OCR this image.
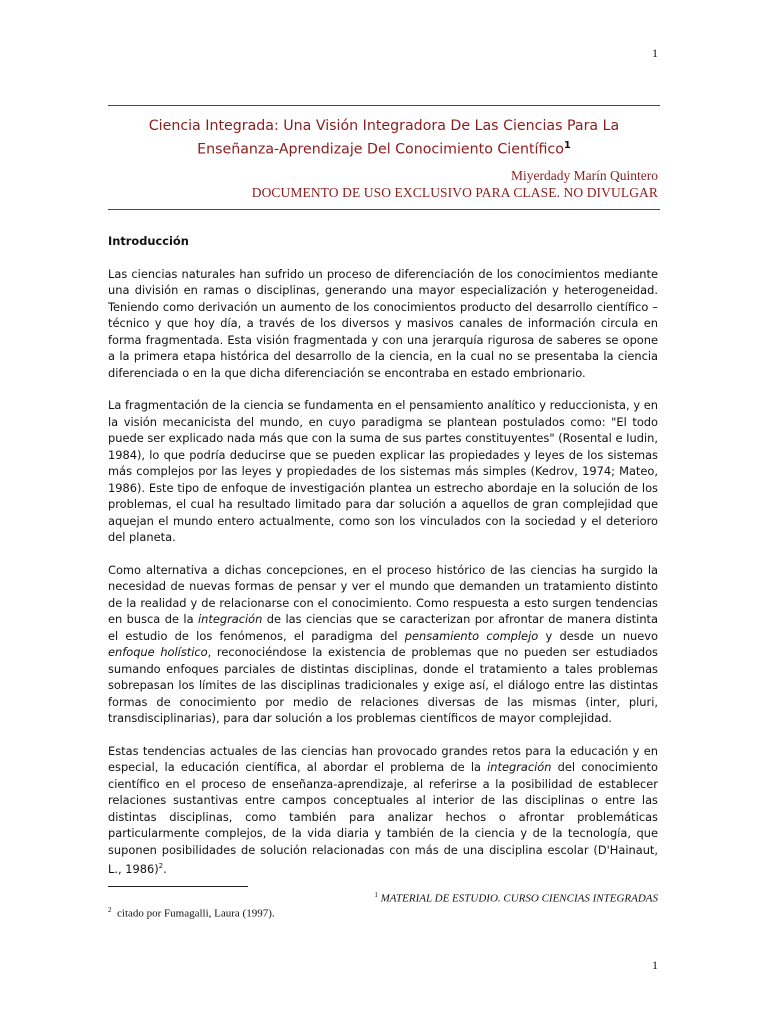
1
Ciencia Integrada: Una Visión Integradora De Las Ciencias Para La Enseñanza-Aprendizaje Del Conocimiento Científico$^1$
Miyerdady Marín Quintero
DOCUMENTO DE USO EXCLUSIVO PARA CLASE. NO DIVULGAR
Introducción

Las ciencias naturales han sufrido un proceso de diferenciación de los conocimientos mediante una división en ramas o disciplinas, generando una mayor especialización y heterogeneidad. Teniendo como derivación un aumento de los conocimientos producto del desarrollo científico – técnico y que hoy día, a través de los diversos y masivos canales de información circula en forma fragmentada. Esta visión fragmentada y con una jerarquía rigurosa de saberes se opone a la primera etapa histórica del desarrollo de la ciencia, en la cual no se presentaba la ciencia diferenciada o en la que dicha diferenciación se encontraba en estado embrionario.

La fragmentación de la ciencia se fundamenta en el pensamiento analítico y reduccionista, y en la visión mecanicista del mundo, en cuyo paradigma se plantean postulados como: "El todo puede ser explicado nada más que con la suma de sus partes constituyentes" (Rosental e Iudin, 1984), lo que podría deducirse que se pueden explicar las propiedades y leyes de los sistemas más complejos por las leyes y propiedades de los sistemas más simples (Kedrov, 1974; Mateo, 1986). Este tipo de enfoque de investigación plantea un estrecho abordaje en la solución de los problemas, el cual ha resultado limitado para dar solución a aquellos de gran complejidad que aquejan el mundo entero actualmente, como son los vinculados con la sociedad y el deterioro del planeta.

Como alternativa a dichas concepciones, en el proceso histórico de las ciencias ha surgido la necesidad de nuevas formas de pensar y ver el mundo que demanden un tratamiento distinto de la realidad y de relacionarse con el conocimiento. Como respuesta a esto surgen tendencias en busca de la integración de las ciencias que se caracterizan por afrontar de manera distinta el estudio de los fenómenos, el paradigma del pensamiento complejo y desde un nuevo enfoque holístico, reconociéndose la existencia de problemas que no pueden ser estudiados sumando enfoques parciales de distintas disciplinas, donde el tratamiento a tales problemas sobrepasan los límites de las disciplinas tradicionales y exige así, el diálogo entre las distintas formas de conocimiento por medio de relaciones diversas de las mismas (inter, pluri, transdisciplinarias), para dar solución a los problemas científicos de mayor complejidad.

Estas tendencias actuales de las ciencias han provocado grandes retos para la educación y en especial, la educación científica, al abordar el problema de la integración del conocimiento científico en el proceso de enseñanza-aprendizaje, al referirse a la posibilidad de establecer relaciones sustantivas entre campos conceptuales al interior de las disciplinas o entre las distintas disciplinas, como también para analizar hechos o afrontar problemáticas particularmente complejos, de la vida diaria y también de la ciencia y de la tecnología, que suponen posibilidades de solución relacionadas con más de una disciplina escolar (D'Hainaut, L., 1986)$^2$.

$^1$ MATERIAL DE ESTUDIO. CURSO CIENCIAS INTEGRADAS
$^2$ citado por Fumagalli, Laura (1997).
1
